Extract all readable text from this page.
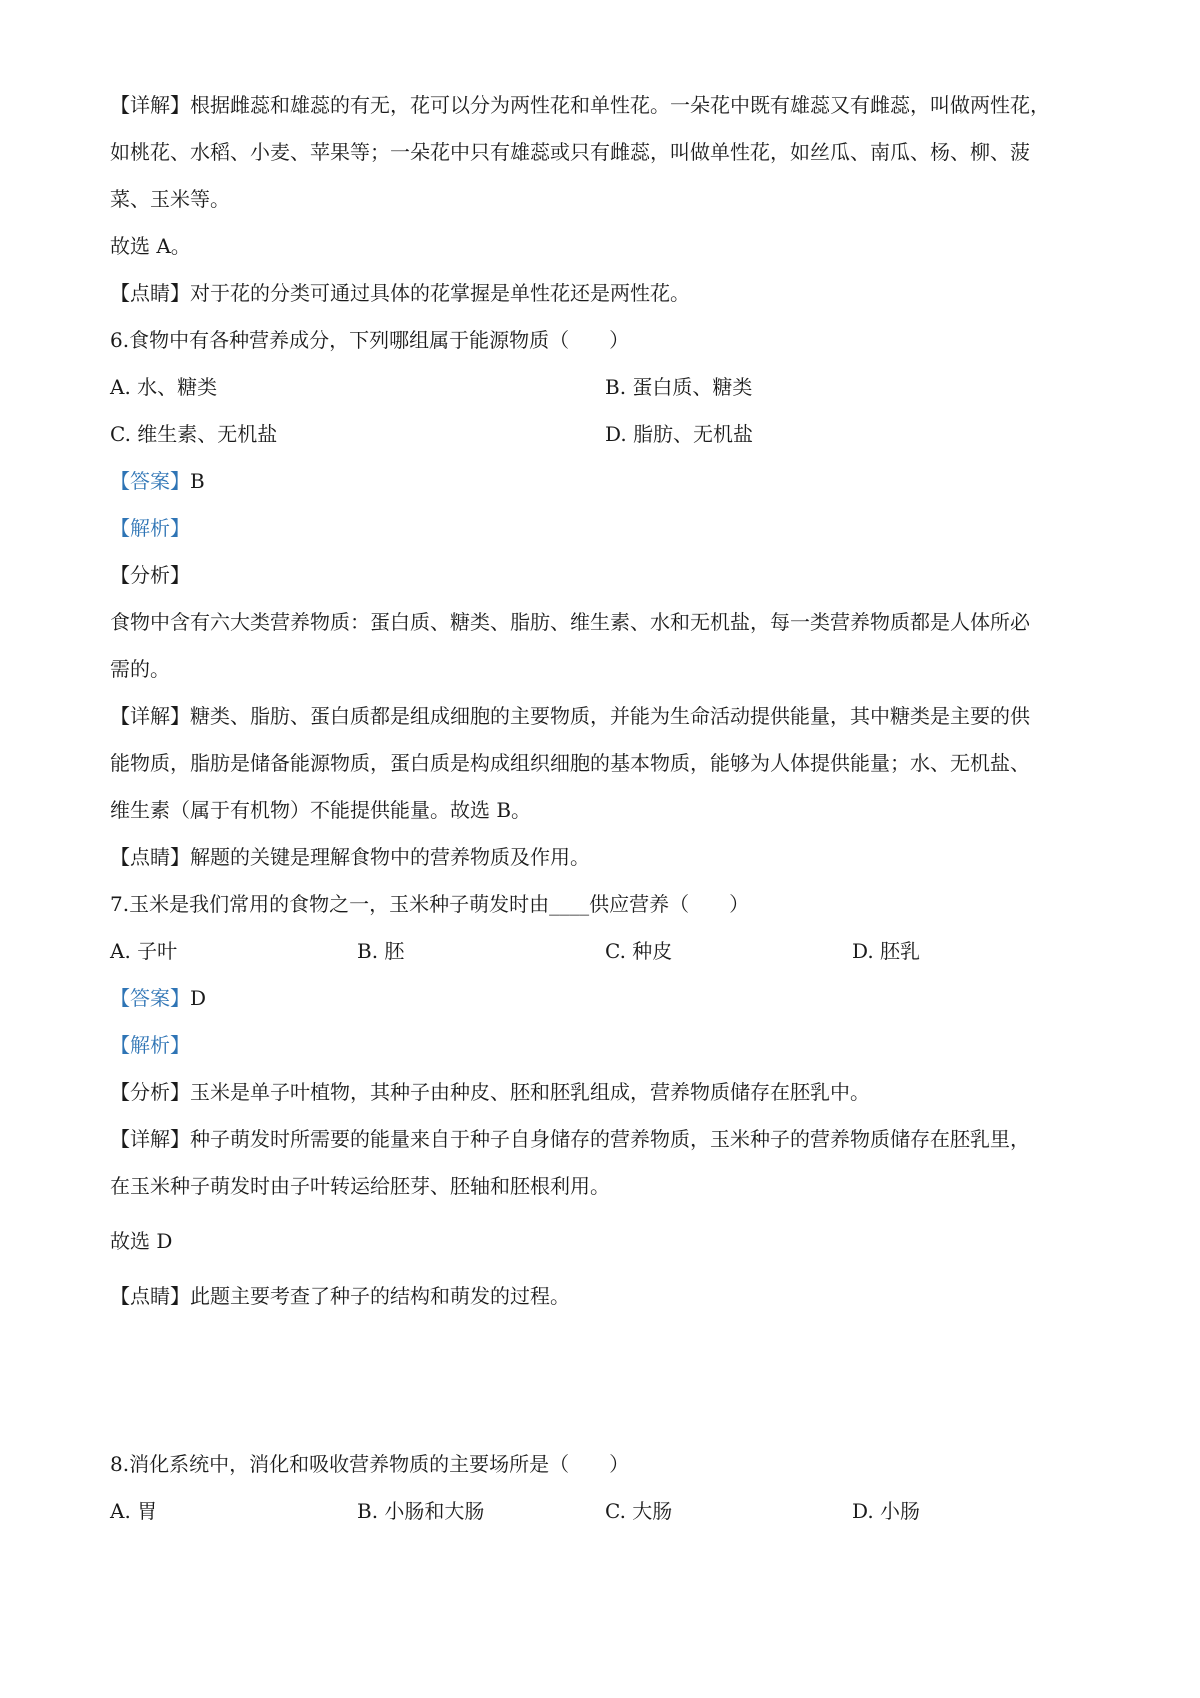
【详解】根据雌蕊和雄蕊的有无，花可以分为两性花和单性花。一朵花中既有雄蕊又有雌蕊，叫做两性花，

如桃花、水稻、小麦、苹果等；一朵花中只有雄蕊或只有雌蕊，叫做单性花，如丝瓜、南瓜、杨、柳、菠

菜、玉米等。

故选 A。

【点睛】对于花的分类可通过具体的花掌握是单性花还是两性花。

6.食物中有各种营养成分，下列哪组属于能源物质（　　）

A. 水、糖类	B. 蛋白质、糖类

C. 维生素、无机盐	D. 脂肪、无机盐

【答案】B

【解析】

【分析】

食物中含有六大类营养物质：蛋白质、糖类、脂肪、维生素、水和无机盐，每一类营养物质都是人体所必

需的。

【详解】糖类、脂肪、蛋白质都是组成细胞的主要物质，并能为生命活动提供能量，其中糖类是主要的供

能物质，脂肪是储备能源物质，蛋白质是构成组织细胞的基本物质，能够为人体提供能量；水、无机盐、

维生素（属于有机物）不能提供能量。故选 B。

【点睛】解题的关键是理解食物中的营养物质及作用。

7.玉米是我们常用的食物之一，玉米种子萌发时由____供应营养（　　）

A. 子叶	B. 胚	C. 种皮	D. 胚乳

【答案】D

【解析】

【分析】玉米是单子叶植物，其种子由种皮、胚和胚乳组成，营养物质储存在胚乳中。

【详解】种子萌发时所需要的能量来自于种子自身储存的营养物质，玉米种子的营养物质储存在胚乳里，

在玉米种子萌发时由子叶转运给胚芽、胚轴和胚根利用。

故选 D

【点睛】此题主要考查了种子的结构和萌发的过程。

8.消化系统中，消化和吸收营养物质的主要场所是（　　）

A. 胃	B. 小肠和大肠	C. 大肠	D. 小肠
